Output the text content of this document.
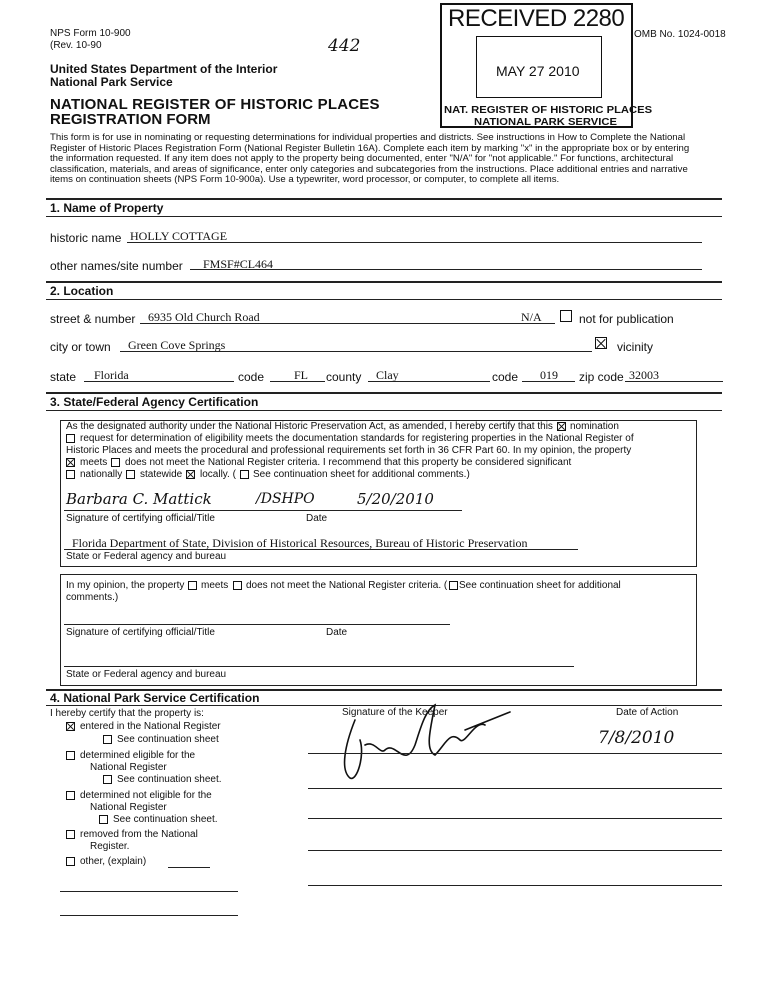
NPS Form 10-900
(Rev. 10-90	442
United States Department of the Interior
National Park Service
NATIONAL REGISTER OF HISTORIC PLACES
REGISTRATION FORM
OMB No. 1024-0018
RECEIVED 2280
MAY 27 2010
NAT. REGISTER OF HISTORIC PLACES
NATIONAL PARK SERVICE
This form is for use in nominating or requesting determinations for individual properties and districts. See instructions in How to Complete the National
Register of Historic Places Registration Form (National Register Bulletin 16A). Complete each item by marking "x" in the appropriate box or by entering
the information requested. If any item does not apply to the property being documented, enter "N/A" for "not applicable." For functions, architectural
classification, materials, and areas of significance, enter only categories and subcategories from the instructions. Place additional entries and narrative
items on continuation sheets (NPS Form 10-900a). Use a typewriter, word processor, or computer, to complete all items.
1. Name of Property
historic name HOLLY COTTAGE
other names/site number FMSF#CL464
2. Location
street & number 6935 Old Church Road	N/A	not for publication
city or town Green Cove Springs	vicinity
state Florida	code FL county Clay	code 019 zip code 32003
3. State/Federal Agency Certification
As the designated authority under the National Historic Preservation Act, as amended, I hereby certify that this nomination
request for determination of eligibility meets the documentation standards for registering properties in the National Register of
Historic Places and meets the procedural and professional requirements set forth in 36 CFR Part 60. In my opinion, the property
meets does not meet the National Register criteria. I recommend that this property be considered significant
nationally statewide locally. ( See continuation sheet for additional comments.)
Barbara C. Mattick	/DSHPO	5/20/2010
Signature of certifying official/Title	Date
Florida Department of State, Division of Historical Resources, Bureau of Historic Preservation
State or Federal agency and bureau
In my opinion, the property meets does not meet the National Register criteria. ( See continuation sheet for additional
comments.)
Signature of certifying official/Title	Date
State or Federal agency and bureau
4. National Park Service Certification
I hereby certify that the property is:
entered in the National Register
See continuation sheet
determined eligible for the
National Register
See continuation sheet.
determined not eligible for the
National Register
See continuation sheet.
removed from the National
Register.
other, (explain)
Signature of the Keeper	Date of Action
7/8/2010
